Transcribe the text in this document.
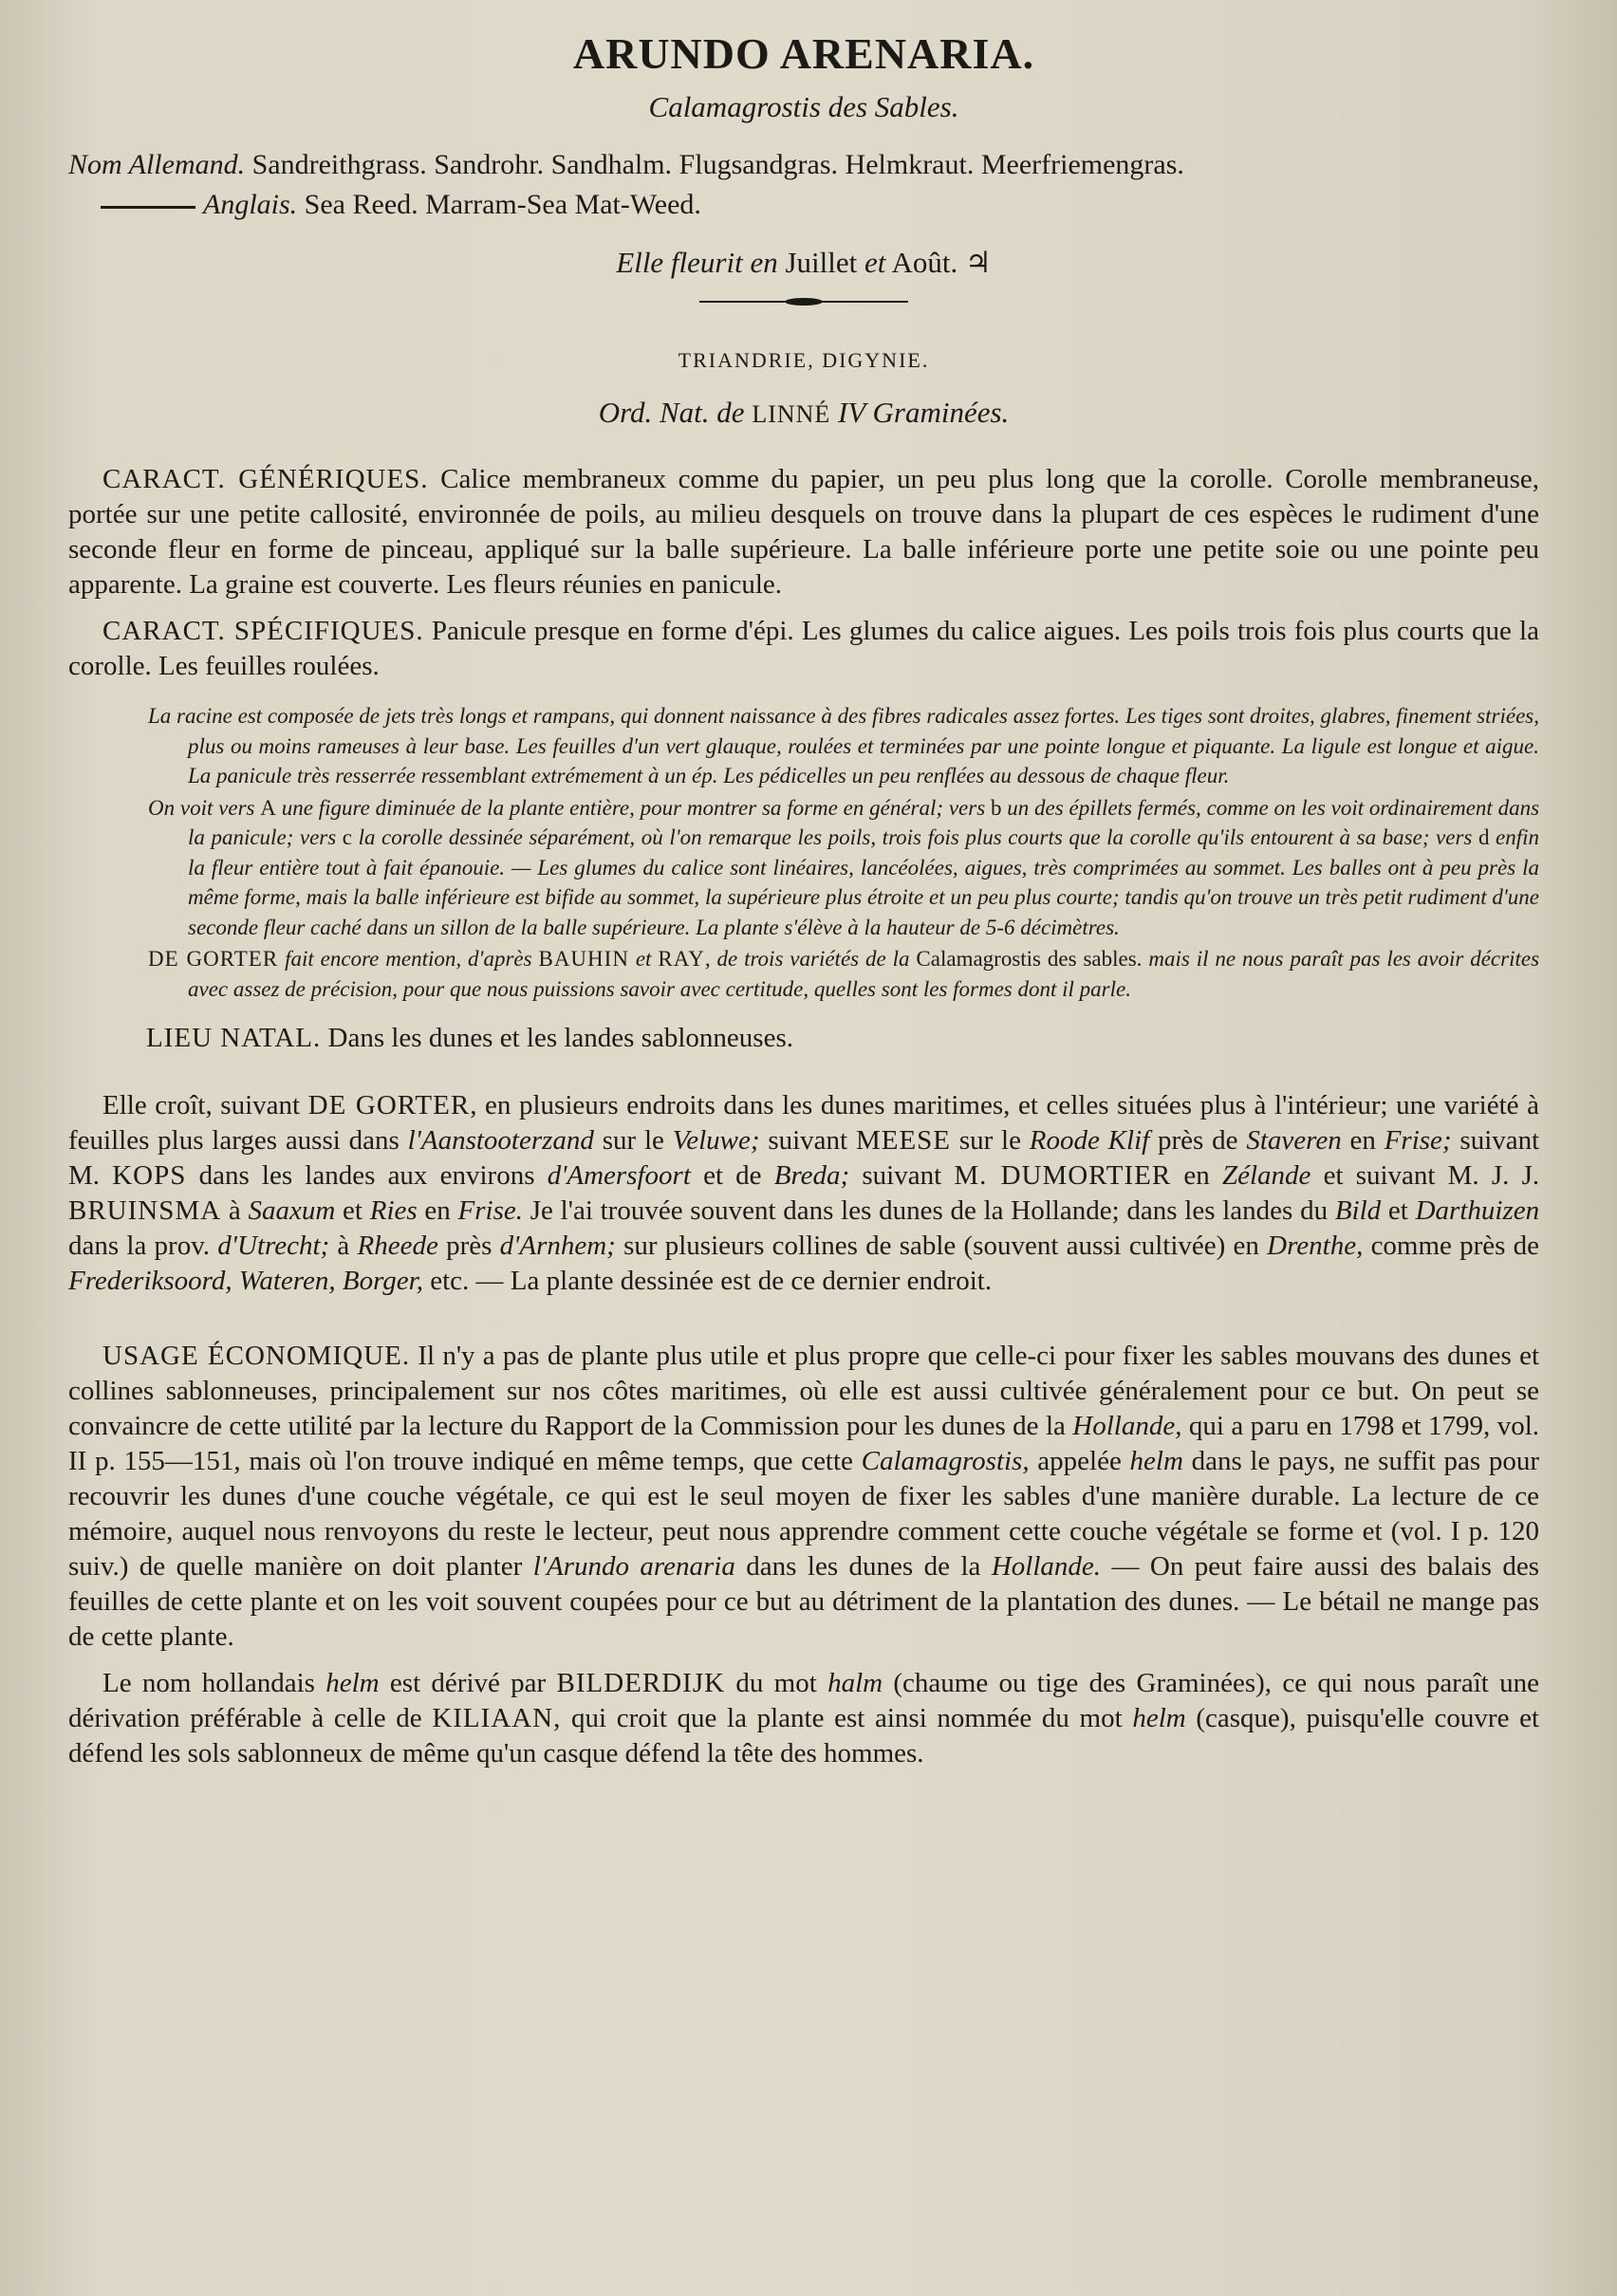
ARUNDO ARENARIA.
Calamagrostis des Sables.
Nom Allemand. Sandreithgrass. Sandrohr. Sandhalm. Flugsandgras. Helmkraut. Meerfriemengras.
Anglais. Sea Reed. Marram-Sea Mat-Weed.
Elle fleurit en Juillet et Août. ♃
TRIANDRIE, DIGYNIE.
Ord. Nat. de LINNÉ IV Graminées.

CARACT. GÉNÉRIQUES. Calice membraneux comme du papier, un peu plus long que la corolle. Corolle membraneuse, portée sur une petite callosité, environnée de poils, au milieu desquels on trouve dans la plupart de ces espèces le rudiment d'une seconde fleur en forme de pinceau, appliqué sur la balle supérieure. La balle inférieure porte une petite soie ou une pointe peu apparente. La graine est couverte. Les fleurs réunies en panicule.

CARACT. SPÉCIFIQUES. Panicule presque en forme d'épi. Les glumes du calice aigues. Les poils trois fois plus courts que la corolle. Les feuilles roulées.

La racine est composée de jets très longs et rampans, qui donnent naissance à des fibres radicales assez fortes. Les tiges sont droites, glabres, finement striées, plus ou moins rameuses à leur base. Les feuilles d'un vert glauque, roulées et terminées par une pointe longue et piquante. La ligule est longue et aigue. La panicule très resserrée ressemblant extrémement à un ép. Les pédicelles un peu renflées au dessous de chaque fleur.

On voit vers A une figure diminuée de la plante entière, pour montrer sa forme en général; vers b un des épillets fermés, comme on les voit ordinairement dans la panicule; vers c la corolle dessinée séparément, où l'on remarque les poils, trois fois plus courts que la corolle qu'ils entourent à sa base; vers d enfin la fleur entière tout à fait épanouie. — Les glumes du calice sont linéaires, lancéolées, aigues, très comprimées au sommet. Les balles ont à peu près la même forme, mais la balle inférieure est bifide au sommet, la supérieure plus étroite et un peu plus courte; tandis qu'on trouve un très petit rudiment d'une seconde fleur caché dans un sillon de la balle supérieure. La plante s'élève à la hauteur de 5-6 décimètres.

DE GORTER fait encore mention, d'après BAUHIN et RAY, de trois variétés de la Calamagrostis des sables. mais il ne nous paraît pas les avoir décrites avec assez de précision, pour que nous puissions savoir avec certitude, quelles sont les formes dont il parle.

LIEU NATAL. Dans les dunes et les landes sablonneuses.

Elle croît, suivant DE GORTER, en plusieurs endroits dans les dunes maritimes, et celles situées plus à l'intérieur; une variété à feuilles plus larges aussi dans l'Aanstooterzand sur le Veluwe; suivant MEESE sur le Roode Klif près de Staveren en Frise; suivant M. KOPS dans les landes aux environs d'Amersfoort et de Breda; suivant M. DUMORTIER en Zélande et suivant M. J. J. BRUINSMA à Saaxum et Ries en Frise. Je l'ai trouvée souvent dans les dunes de la Hollande; dans les landes du Bild et Darthuizen dans la prov. d'Utrecht; à Rheede près d'Arnhem; sur plusieurs collines de sable (souvent aussi cultivée) en Drenthe, comme près de Frederiksoord, Wateren, Borger, etc. — La plante dessinée est de ce dernier endroit.

USAGE ÉCONOMIQUE. Il n'y a pas de plante plus utile et plus propre que celle-ci pour fixer les sables mouvans des dunes et collines sablonneuses, principalement sur nos côtes maritimes, où elle est aussi cultivée généralement pour ce but. On peut se convaincre de cette utilité par la lecture du Rapport de la Commission pour les dunes de la Hollande, qui a paru en 1798 et 1799, vol. II p. 155—151, mais où l'on trouve indiqué en même temps, que cette Calamagrostis, appelée helm dans le pays, ne suffit pas pour recouvrir les dunes d'une couche végétale, ce qui est le seul moyen de fixer les sables d'une manière durable. La lecture de ce mémoire, auquel nous renvoyons du reste le lecteur, peut nous apprendre comment cette couche végétale se forme et (vol. I p. 120 suiv.) de quelle manière on doit planter l'Arundo arenaria dans les dunes de la Hollande. — On peut faire aussi des balais des feuilles de cette plante et on les voit souvent coupées pour ce but au détriment de la plantation des dunes. — Le bétail ne mange pas de cette plante.

Le nom hollandais helm est dérivé par BILDERDIJK du mot halm (chaume ou tige des Graminées), ce qui nous paraît une dérivation préférable à celle de KILIAAN, qui croit que la plante est ainsi nommée du mot helm (casque), puisqu'elle couvre et défend les sols sablonneux de même qu'un casque défend la tête des hommes.
